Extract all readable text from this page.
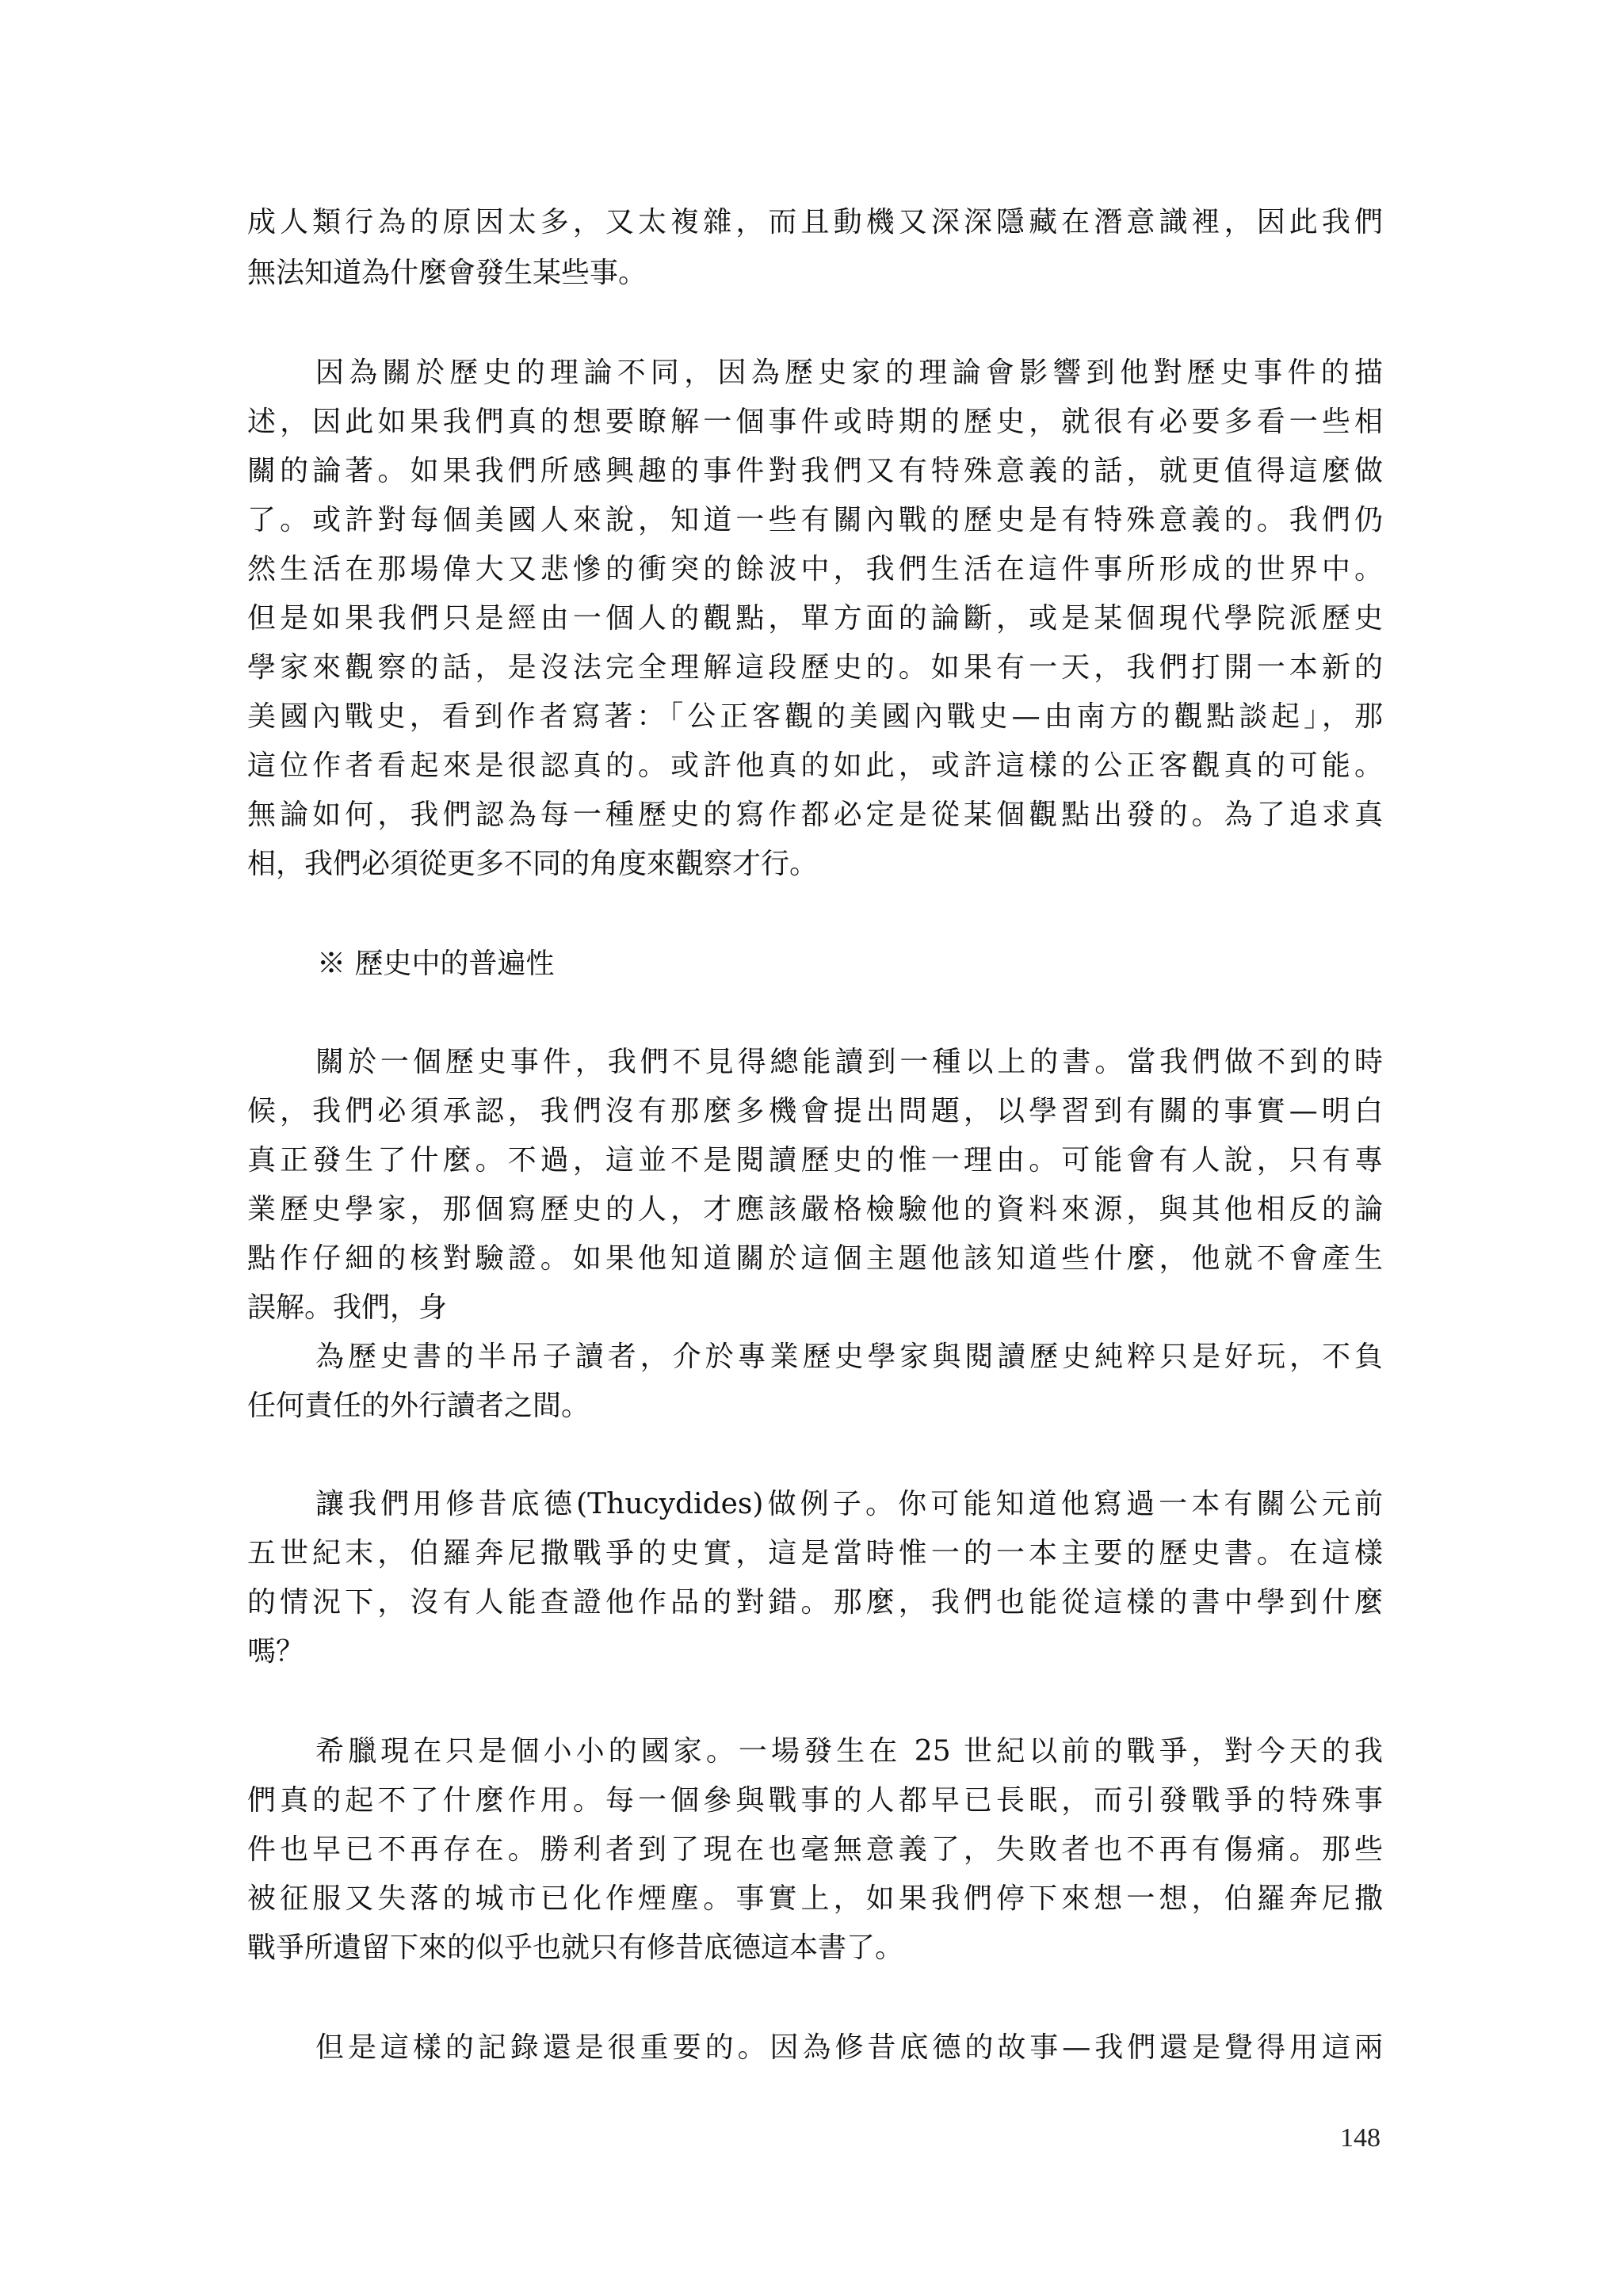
成人類行為的原因太多，又太複雜，而且動機又深深隱藏在潛意識裡，因此我們
無法知道為什麼會發生某些事。
因為關於歷史的理論不同，因為歷史家的理論會影響到他對歷史事件的描
述，因此如果我們真的想要瞭解一個事件或時期的歷史，就很有必要多看一些相
關的論著。如果我們所感興趣的事件對我們又有特殊意義的話，就更值得這麼做
了。或許對每個美國人來說，知道一些有關內戰的歷史是有特殊意義的。我們仍
然生活在那場偉大又悲慘的衝突的餘波中，我們生活在這件事所形成的世界中。
但是如果我們只是經由一個人的觀點，單方面的論斷，或是某個現代學院派歷史
學家來觀察的話，是沒法完全理解這段歷史的。如果有一天，我們打開一本新的
美國內戰史，看到作者寫著：「公正客觀的美國內戰史—由南方的觀點談起」，那
這位作者看起來是很認真的。或許他真的如此，或許這樣的公正客觀真的可能。
無論如何，我們認為每一種歷史的寫作都必定是從某個觀點出發的。為了追求真
相，我們必須從更多不同的角度來觀察才行。
※ 歷史中的普遍性
關於一個歷史事件，我們不見得總能讀到一種以上的書。當我們做不到的時
候，我們必須承認，我們沒有那麼多機會提出問題，以學習到有關的事實—明白
真正發生了什麼。不過，這並不是閱讀歷史的惟一理由。可能會有人說，只有專
業歷史學家，那個寫歷史的人，才應該嚴格檢驗他的資料來源，與其他相反的論
點作仔細的核對驗證。如果他知道關於這個主題他該知道些什麼，他就不會產生
誤解。我們，身
為歷史書的半吊子讀者，介於專業歷史學家與閱讀歷史純粹只是好玩，不負
任何責任的外行讀者之間。
讓我們用修昔底德(Thucydides)做例子。你可能知道他寫過一本有關公元前
五世紀末，伯羅奔尼撒戰爭的史實，這是當時惟一的一本主要的歷史書。在這樣
的情況下，沒有人能查證他作品的對錯。那麼，我們也能從這樣的書中學到什麼
嗎？
希臘現在只是個小小的國家。一場發生在 25 世紀以前的戰爭，對今天的我
們真的起不了什麼作用。每一個參與戰事的人都早已長眠，而引發戰爭的特殊事
件也早已不再存在。勝利者到了現在也毫無意義了，失敗者也不再有傷痛。那些
被征服又失落的城市已化作煙塵。事實上，如果我們停下來想一想，伯羅奔尼撒
戰爭所遺留下來的似乎也就只有修昔底德這本書了。
但是這樣的記錄還是很重要的。因為修昔底德的故事—我們還是覺得用這兩
148
